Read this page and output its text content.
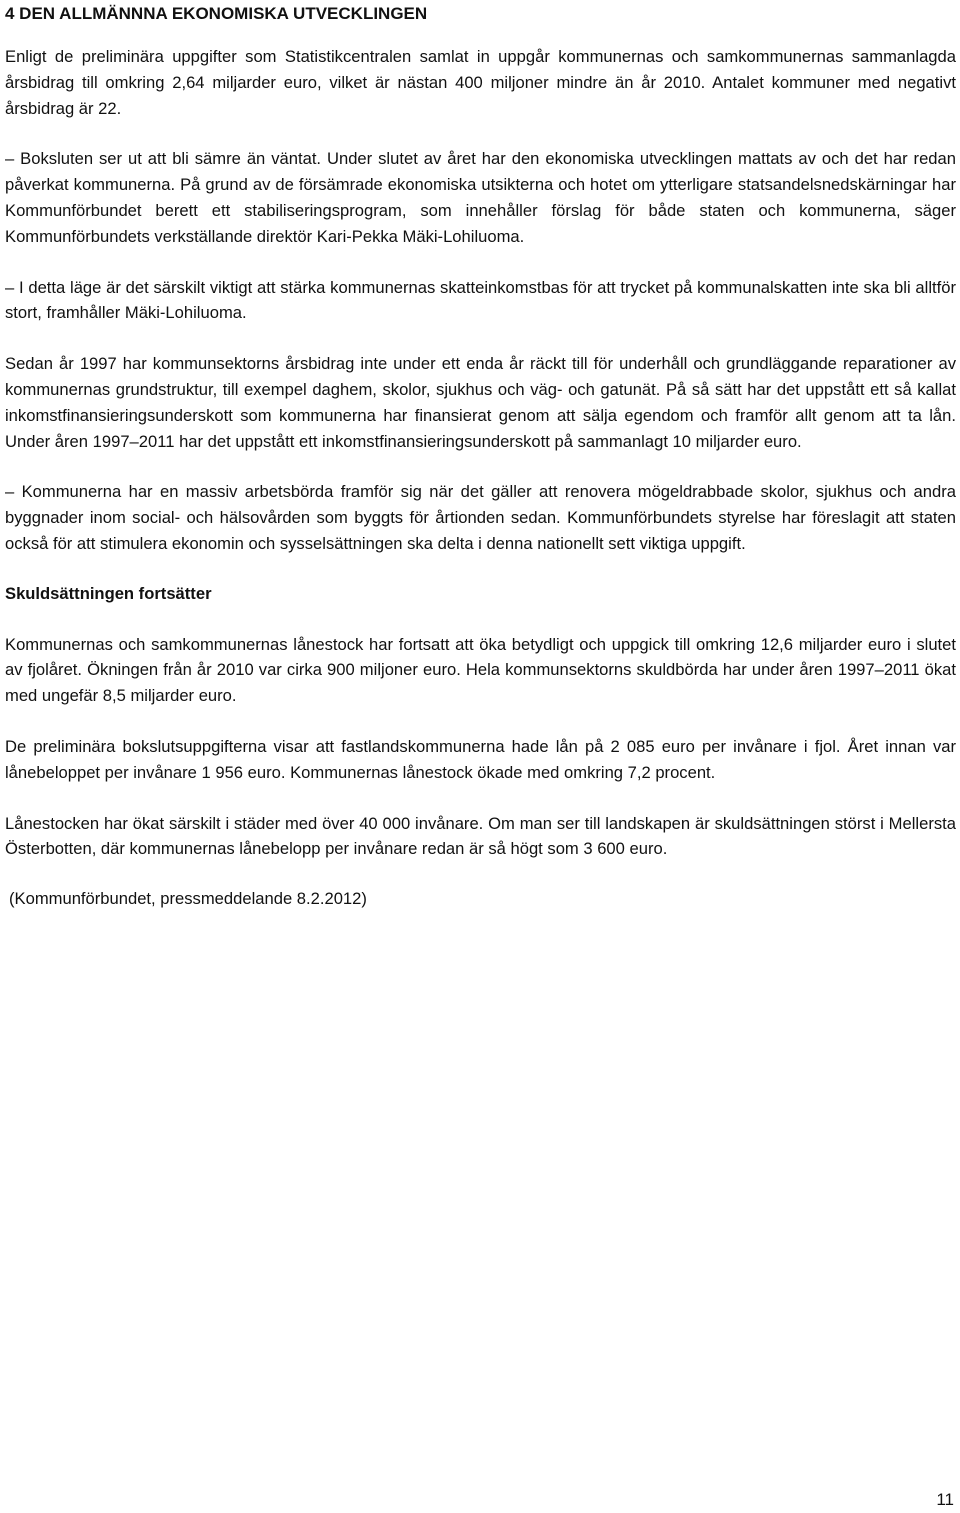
4 DEN ALLMÄNNNA EKONOMISKA UTVECKLINGEN

Enligt de preliminära uppgifter som Statistikcentralen samlat in uppgår kommunernas och samkommunernas sammanlagda årsbidrag till omkring 2,64 miljarder euro, vilket är nästan 400 miljoner mindre än år 2010. Antalet kommuner med negativt årsbidrag är 22.

– Boksluten ser ut att bli sämre än väntat. Under slutet av året har den ekonomiska utvecklingen mattats av och det har redan påverkat kommunerna. På grund av de försämrade ekonomiska utsikterna och hotet om ytterligare statsandelsnedskärningar har Kommunförbundet berett ett stabiliseringsprogram, som innehåller förslag för både staten och kommunerna, säger Kommunförbundets verkställande direktör Kari-Pekka Mäki-Lohiluoma.

– I detta läge är det särskilt viktigt att stärka kommunernas skatteinkomstbas för att trycket på kommunalskatten inte ska bli alltför stort, framhåller Mäki-Lohiluoma.

Sedan år 1997 har kommunsektorns årsbidrag inte under ett enda år räckt till för underhåll och grundläggande reparationer av kommunernas grundstruktur, till exempel daghem, skolor, sjukhus och väg- och gatunät. På så sätt har det uppstått ett så kallat inkomstfinansieringsunderskott som kommunerna har finansierat genom att sälja egendom och framför allt genom att ta lån. Under åren 1997–2011 har det uppstått ett inkomstfinansieringsunderskott på sammanlagt 10 miljarder euro.

– Kommunerna har en massiv arbetsbörda framför sig när det gäller att renovera mögeldrabbade skolor, sjukhus och andra byggnader inom social- och hälsovården som byggts för årtionden sedan. Kommunförbundets styrelse har föreslagit att staten också för att stimulera ekonomin och sysselsättningen ska delta i denna nationellt sett viktiga uppgift.

Skuldsättningen fortsätter

Kommunernas och samkommunernas lånestock har fortsatt att öka betydligt och uppgick till omkring 12,6 miljarder euro i slutet av fjolåret. Ökningen från år 2010 var cirka 900 miljoner euro. Hela kommunsektorns skuldbörda har under åren 1997–2011 ökat med ungefär 8,5 miljarder euro.

De preliminära bokslutsuppgifterna visar att fastlandskommunerna hade lån på 2 085 euro per invånare i fjol. Året innan var lånebeloppet per invånare 1 956 euro. Kommunernas lånestock ökade med omkring 7,2 procent.

Lånestocken har ökat särskilt i städer med över 40 000 invånare. Om man ser till landskapen är skuldsättningen störst i Mellersta Österbotten, där kommunernas lånebelopp per invånare redan är så högt som 3 600 euro.

(Kommunförbundet, pressmeddelande 8.2.2012)
11
